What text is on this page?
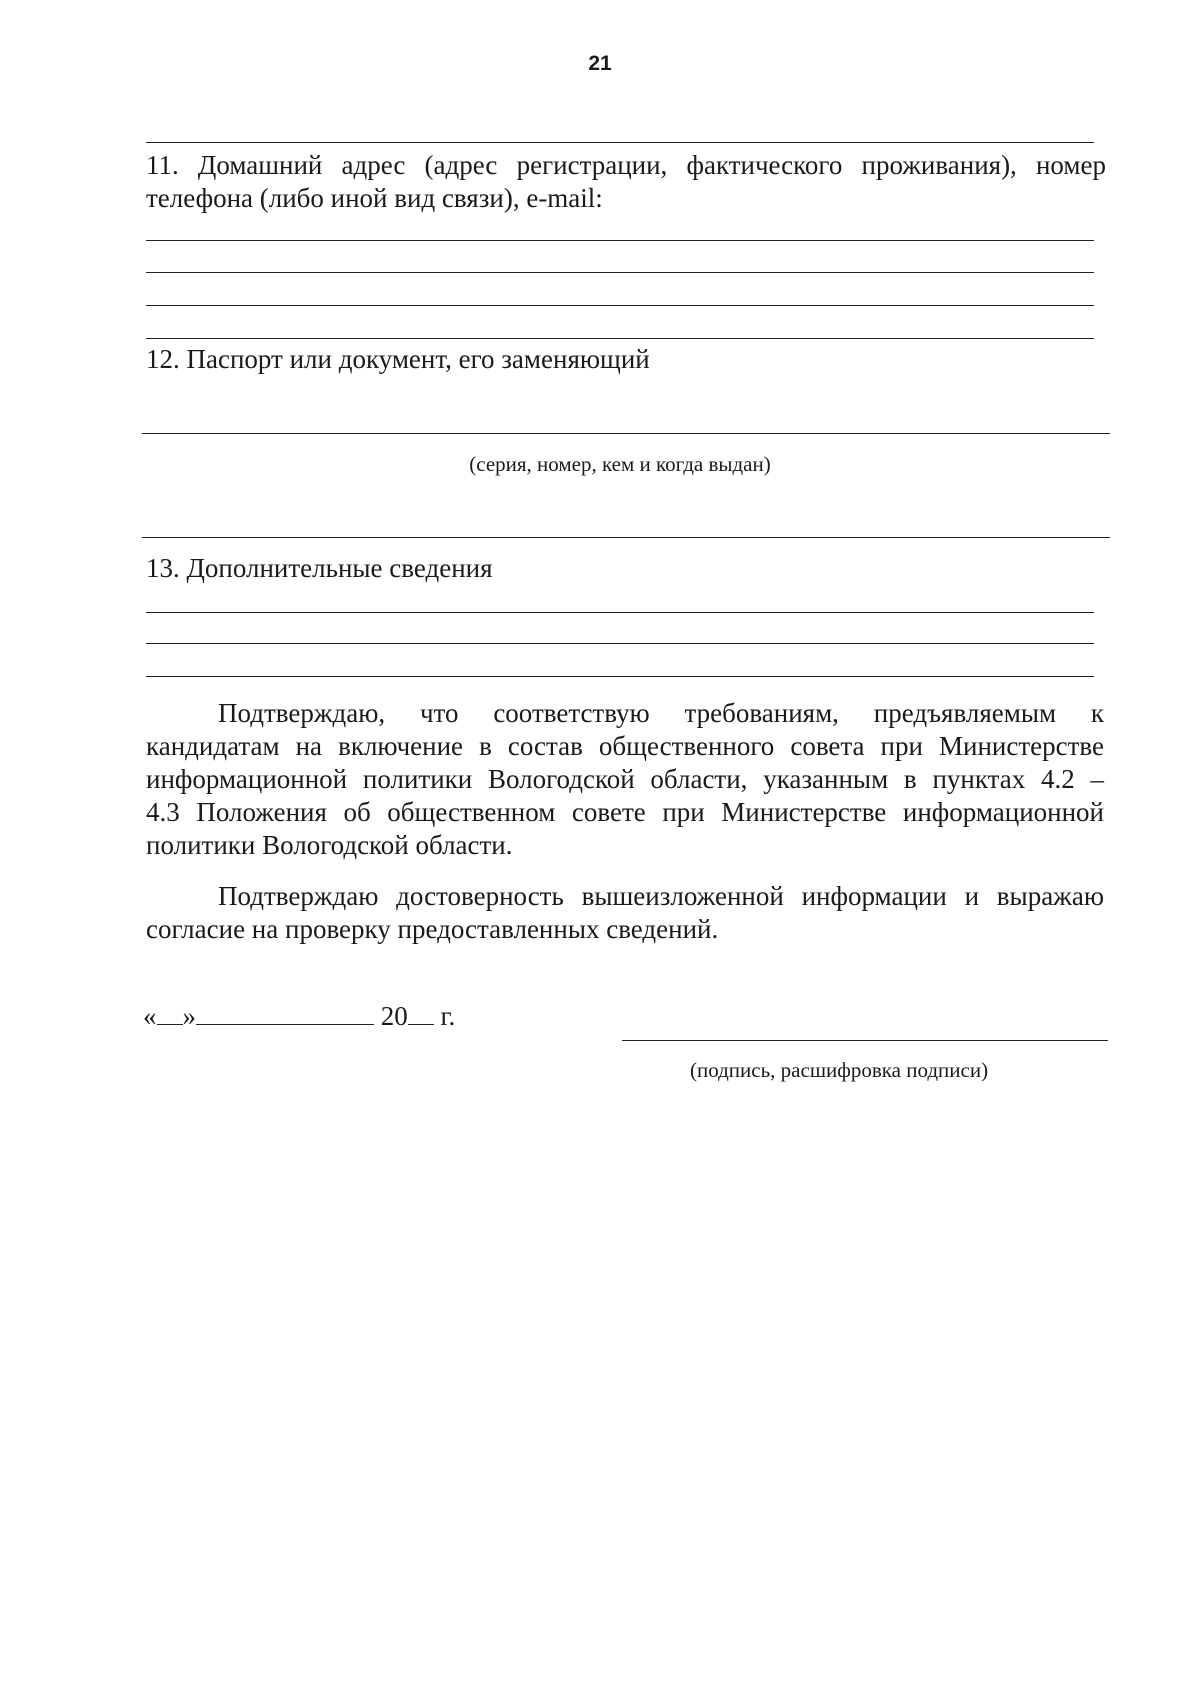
21
11. Домашний адрес (адрес регистрации, фактического проживания), номер
телефона (либо иной вид связи), e-mail:
12. Паспорт или документ, его заменяющий
(серия, номер, кем и когда выдан)
13. Дополнительные сведения
Подтверждаю, что соответствую требованиям, предъявляемым к
кандидатам на включение в состав общественного совета при Министерстве
информационной политики Вологодской области, указанным в пунктах 4.2 –
4.3 Положения об общественном совете при Министерстве информационной
политики Вологодской области.
Подтверждаю достоверность вышеизложенной информации и выражаю
согласие на проверку предоставленных сведений.
« »	20 г.
(подпись, расшифровка подписи)
